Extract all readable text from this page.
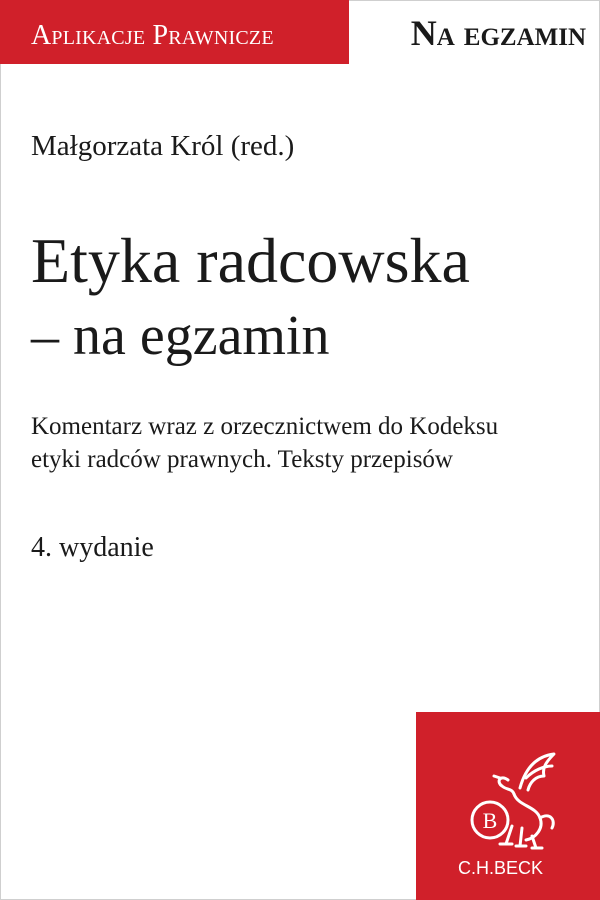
Aplikacje Prawnicze	Na egzamin
Małgorzata Król (red.)
Etyka radcowska
– na egzamin
Komentarz wraz z orzecznictwem do Kodeksu
etyki radców prawnych. Teksty przepisów
4. wydanie
B
C.H.BECK
